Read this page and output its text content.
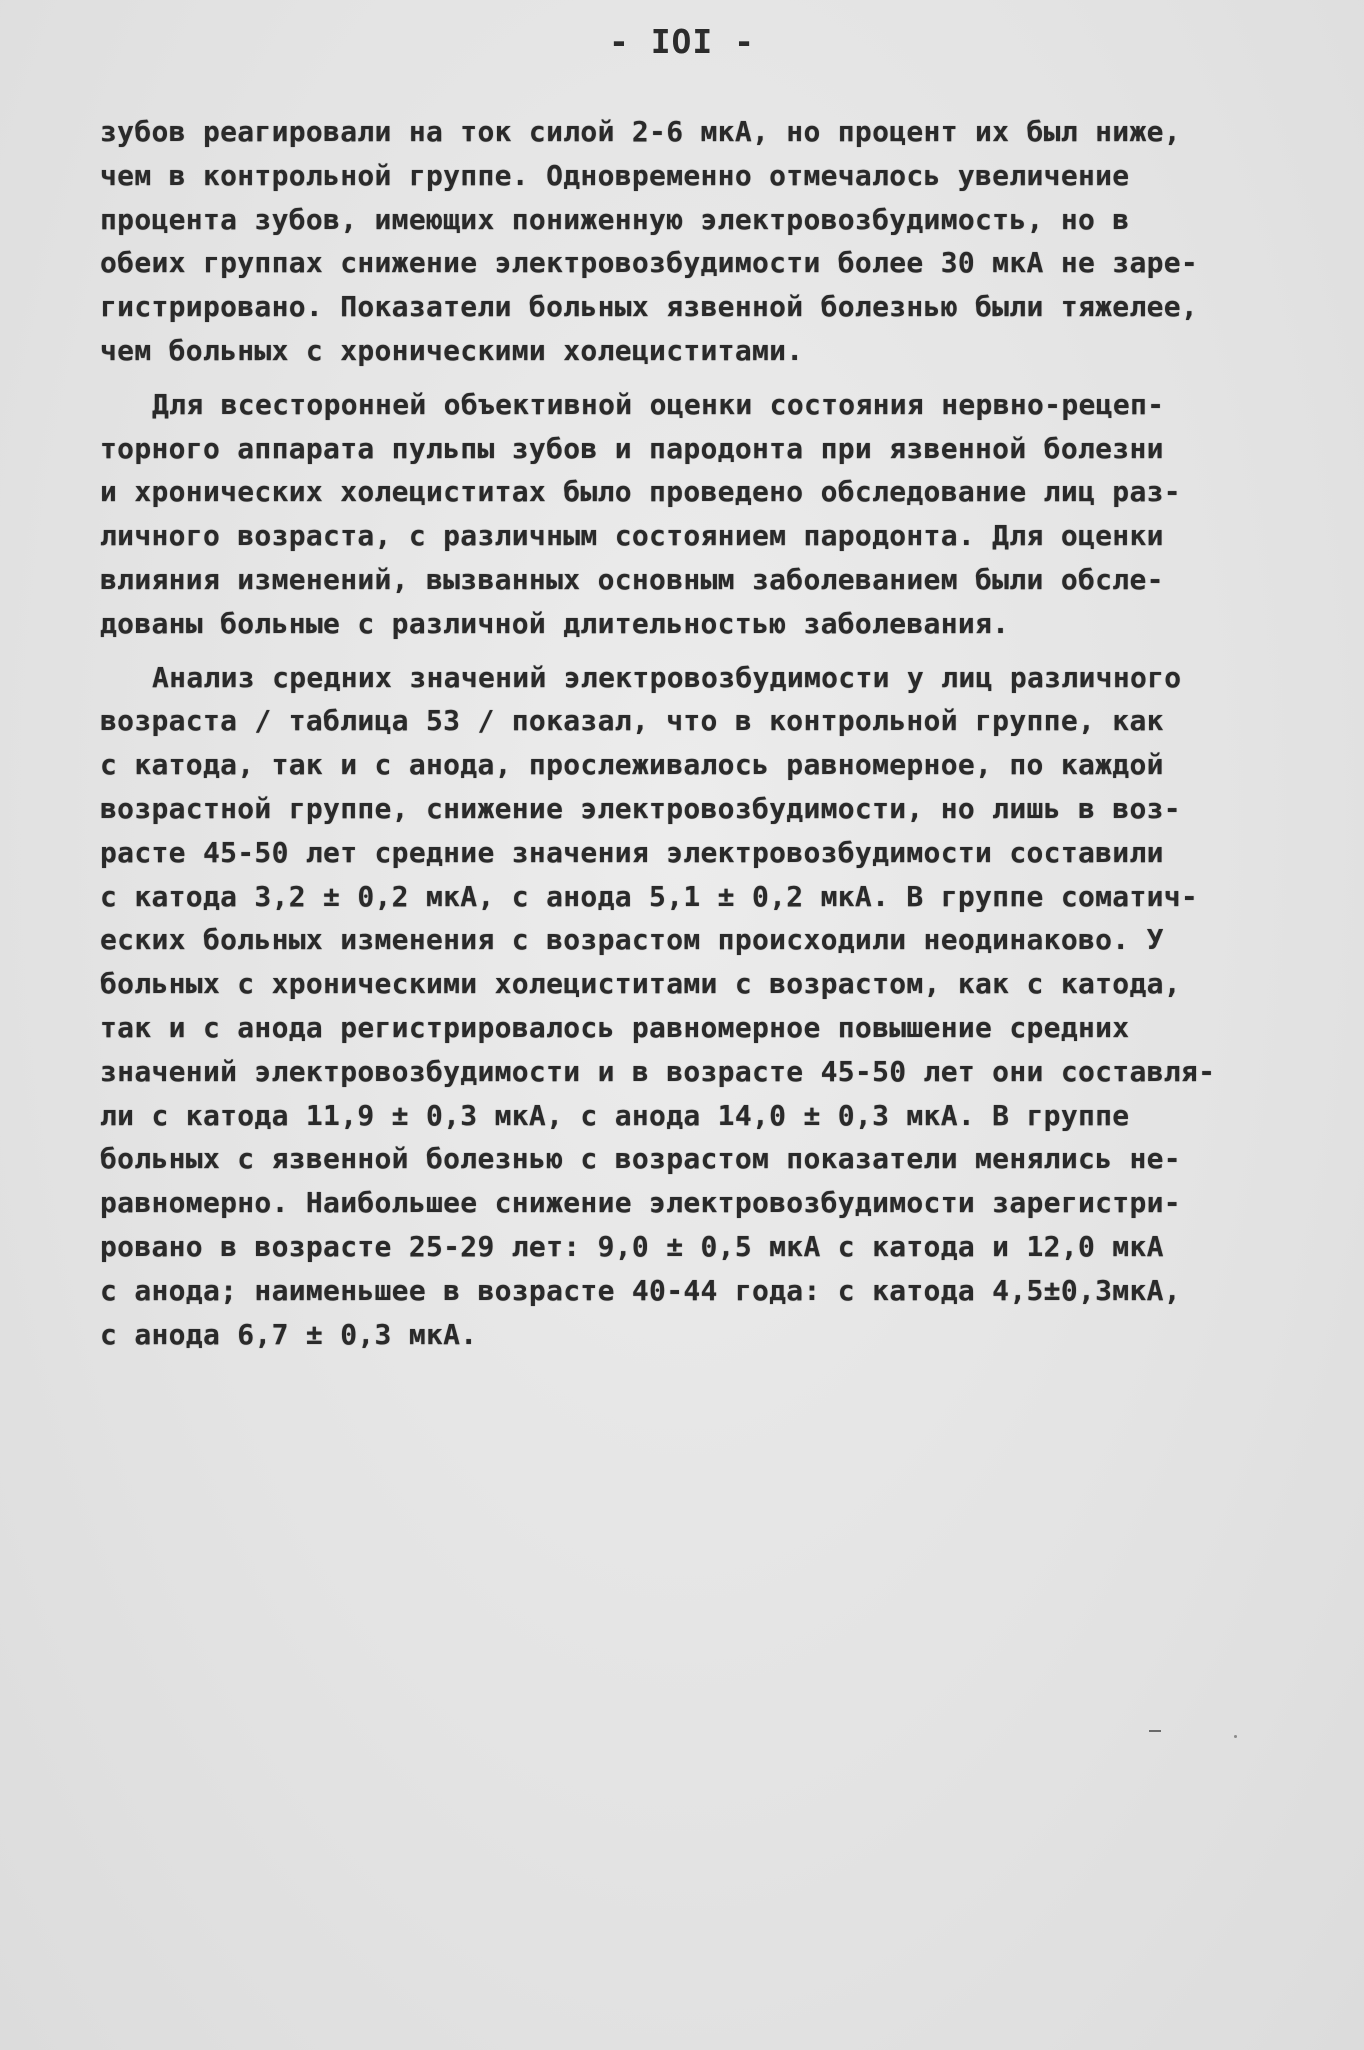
- IOI -
зубов реагировали на ток силой 2-6 мкА, но процент их был ниже,
чем в контрольной группе. Одновременно отмечалось увеличение
процента зубов, имеющих пониженную электровозбудимость, но в
обеих группах снижение электровозбудимости более 30 мкА не заре-
гистрировано. Показатели больных язвенной болезнью были тяжелее,
чем больных с хроническими холециститами.
Для всесторонней объективной оценки состояния нервно-рецеп-
торного аппарата пульпы зубов и пародонта при язвенной болезни
и хронических холециститах было проведено обследование лиц раз-
личного возраста, с различным состоянием пародонта. Для оценки
влияния изменений, вызванных основным заболеванием были обсле-
дованы больные с различной длительностью заболевания.
Анализ средних значений электровозбудимости у лиц различного
возраста / таблица 53 / показал, что в контрольной группе, как
с катода, так и с анода, прослеживалось равномерное, по каждой
возрастной группе, снижение электровозбудимости, но лишь в воз-
расте 45-50 лет средние значения электровозбудимости составили
с катода 3,2 ± 0,2 мкА, с анода 5,1 ± 0,2 мкА. В группе соматич-
еских больных изменения с возрастом происходили неодинаково. У
больных с хроническими холециститами с возрастом, как с катода,
так и с анода регистрировалось равномерное повышение средних
значений электровозбудимости и в возрасте 45-50 лет они составля-
ли с катода 11,9 ± 0,3 мкА, с анода 14,0 ± 0,3 мкА. В группе
больных с язвенной болезнью с возрастом показатели менялись не-
равномерно. Наибольшее снижение электровозбудимости зарегистри-
ровано в возрасте 25-29 лет: 9,0 ± 0,5 мкА с катода и 12,0 мкА
с анода; наименьшее в возрасте 40-44 года: с катода 4,5±0,3мкА,
с анода 6,7 ± 0,3 мкА.
